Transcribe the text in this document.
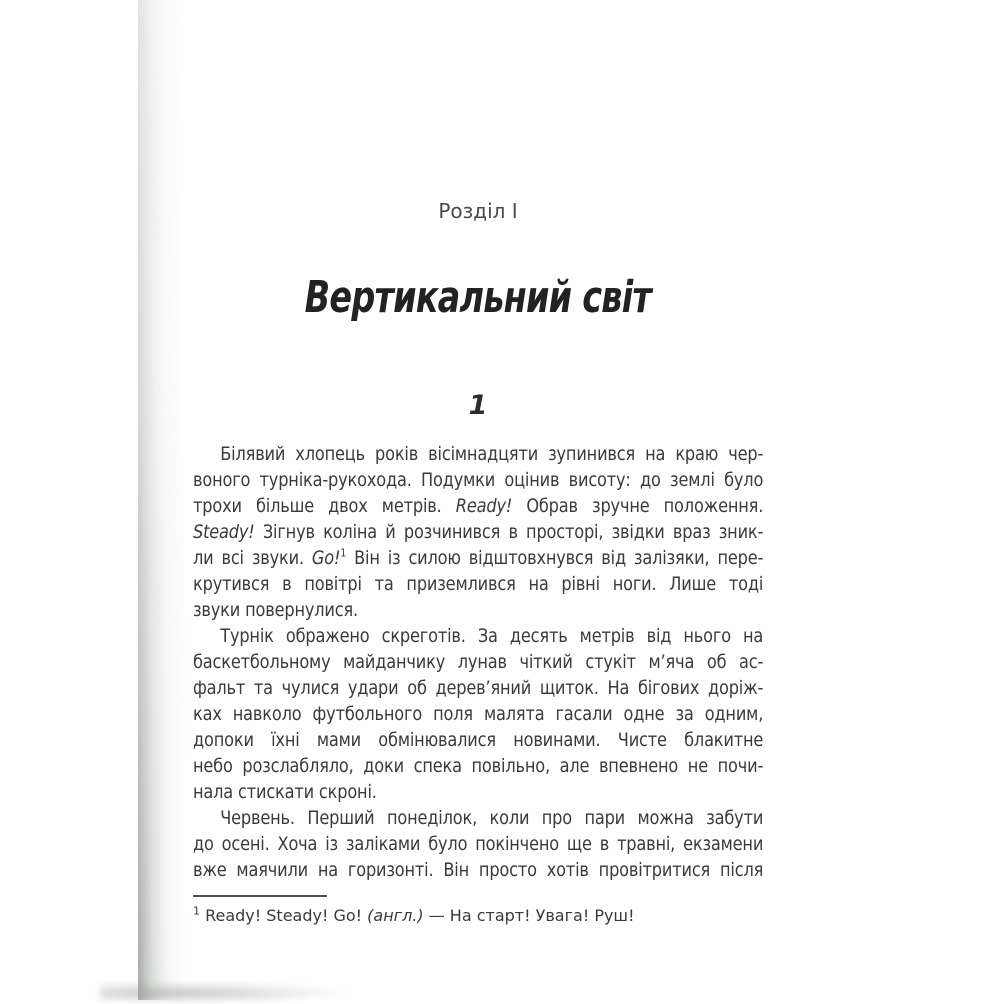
Розділ I
Вертикальний світ
1
Білявий хлопець років вісімнадцяти зупинився на краю чер-
воного турніка-рукохода. Подумки оцінив висоту: до землі було
трохи більше двох метрів. Ready! Обрав зручне положення.
Steady! Зігнув коліна й розчинився в просторі, звідки враз зник-
ли всі звуки. Go!$^1$ Він із силою відштовхнувся від залізяки, пере-
крутився в повітрі та приземлився на рівні ноги. Лише тоді
звуки повернулися.
Турнік ображено скреготів. За десять метрів від нього на
баскетбольному майданчику лунав чіткий стукіт м’яча об ас-
фальт та чулися удари об дерев’яний щиток. На бігових доріж-
ках навколо футбольного поля малята гасали одне за одним,
допоки їхні мами обмінювалися новинами. Чисте блакитне
небо розслабляло, доки спека повільно, але впевнено не почи-
нала стискати скроні.
Червень. Перший понеділок, коли про пари можна забути
до осені. Хоча із заліками було покінчено ще в травні, екзамени
вже маячили на горизонті. Він просто хотів провітритися після
$^1$ Ready! Steady! Go! (англ.) — На старт! Увага! Руш!
